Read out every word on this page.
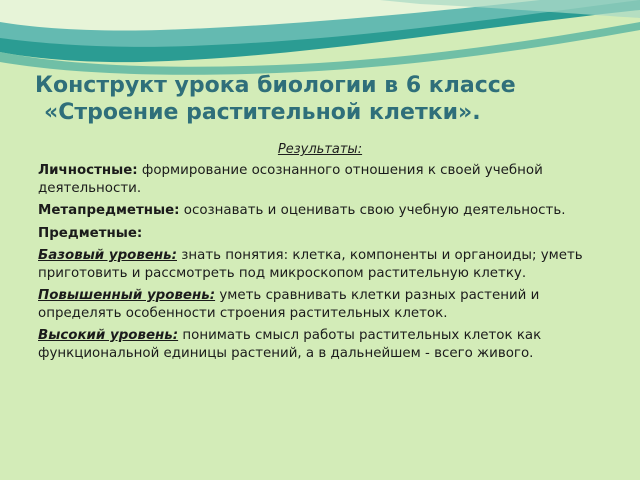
Конструкт урока биологии в 6 классе
«Строение растительной клетки».
Результаты:

Личностные: формирование осознанного отношения к своей учебной деятельности.

Метапредметные: осознавать и оценивать свою учебную деятельность.

Предметные:

Базовый уровень: знать понятия: клетка, компоненты и органоиды; уметь приготовить и рассмотреть под микроскопом растительную клетку.

Повышенный уровень: уметь сравнивать клетки разных растений и определять особенности строения растительных клеток.

Высокий уровень: понимать смысл работы растительных клеток как функциональной единицы растений, а в дальнейшем - всего живого.
